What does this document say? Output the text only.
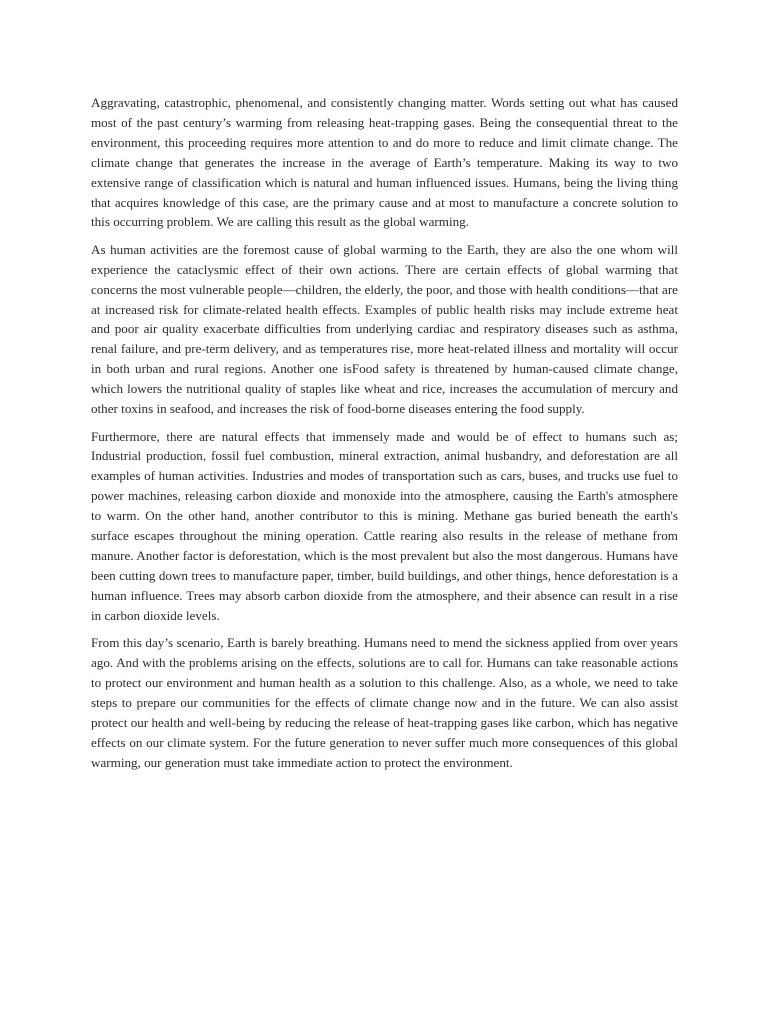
Aggravating, catastrophic, phenomenal, and consistently changing matter. Words setting out what has caused most of the past century’s warming from releasing heat-trapping gases. Being the consequential threat to the environment, this proceeding requires more attention to and do more to reduce and limit climate change. The climate change that generates the increase in the average of Earth’s temperature. Making its way to two extensive range of classification which is natural and human influenced issues. Humans, being the living thing that acquires knowledge of this case, are the primary cause and at most to manufacture a concrete solution to this occurring problem. We are calling this result as the global warming.

As human activities are the foremost cause of global warming to the Earth, they are also the one whom will experience the cataclysmic effect of their own actions. There are certain effects of global warming that concerns the most vulnerable people—children, the elderly, the poor, and those with health conditions—that are at increased risk for climate-related health effects. Examples of public health risks may include extreme heat and poor air quality exacerbate difficulties from underlying cardiac and respiratory diseases such as asthma, renal failure, and pre-term delivery, and as temperatures rise, more heat-related illness and mortality will occur in both urban and rural regions. Another one isFood safety is threatened by human-caused climate change, which lowers the nutritional quality of staples like wheat and rice, increases the accumulation of mercury and other toxins in seafood, and increases the risk of food-borne diseases entering the food supply.

Furthermore, there are natural effects that immensely made and would be of effect to humans such as; Industrial production, fossil fuel combustion, mineral extraction, animal husbandry, and deforestation are all examples of human activities. Industries and modes of transportation such as cars, buses, and trucks use fuel to power machines, releasing carbon dioxide and monoxide into the atmosphere, causing the Earth's atmosphere to warm. On the other hand, another contributor to this is mining. Methane gas buried beneath the earth's surface escapes throughout the mining operation. Cattle rearing also results in the release of methane from manure. Another factor is deforestation, which is the most prevalent but also the most dangerous. Humans have been cutting down trees to manufacture paper, timber, build buildings, and other things, hence deforestation is a human influence. Trees may absorb carbon dioxide from the atmosphere, and their absence can result in a rise in carbon dioxide levels.

From this day’s scenario, Earth is barely breathing. Humans need to mend the sickness applied from over years ago. And with the problems arising on the effects, solutions are to call for. Humans can take reasonable actions to protect our environment and human health as a solution to this challenge. Also, as a whole, we need to take steps to prepare our communities for the effects of climate change now and in the future. We can also assist protect our health and well-being by reducing the release of heat-trapping gases like carbon, which has negative effects on our climate system. For the future generation to never suffer much more consequences of this global warming, our generation must take immediate action to protect the environment.
